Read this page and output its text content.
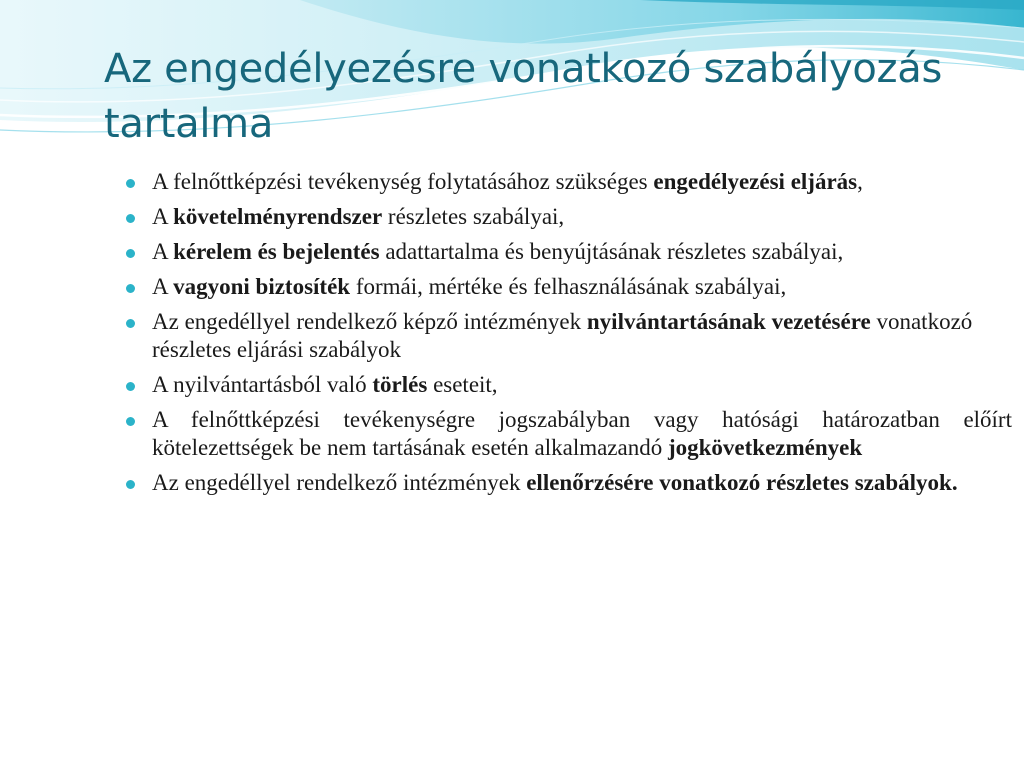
Az engedélyezésre vonatkozó szabályozás
tartalma
A felnőttképzési tevékenység folytatásához szükséges engedélyezési eljárás,
A követelményrendszer részletes szabályai,
A kérelem és bejelentés adattartalma és benyújtásának részletes szabályai,
A vagyoni biztosíték formái, mértéke és felhasználásának szabályai,
Az engedéllyel rendelkező képző intézmények nyilvántartásának vezetésére vonatkozó részletes eljárási szabályok
A nyilvántartásból való törlés eseteit,
A felnőttképzési tevékenységre jogszabályban vagy hatósági határozatban előírt kötelezettségek be nem tartásának esetén alkalmazandó jogkövetkezmények
Az engedéllyel rendelkező intézmények ellenőrzésére vonatkozó részletes szabályok.
